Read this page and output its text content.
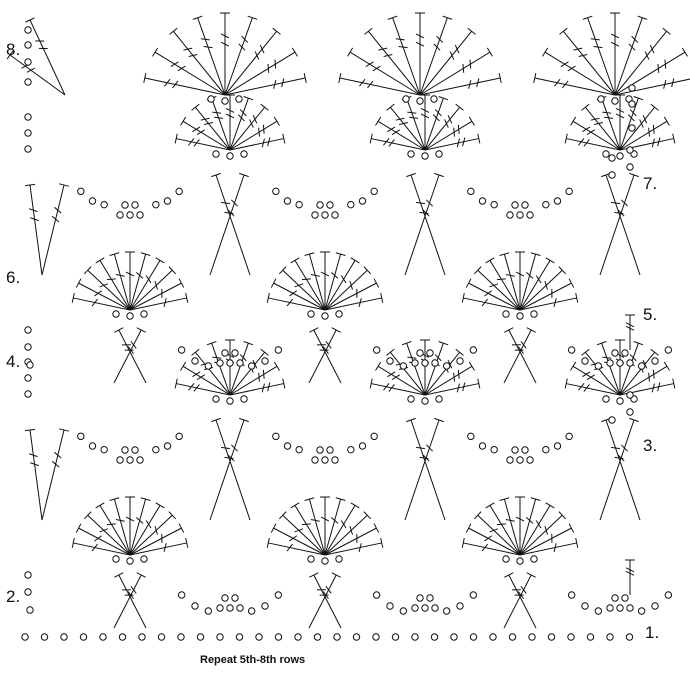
1.
2.
3.
4.
5.
6.
7.
8.
Repeat 5th-8th rows
